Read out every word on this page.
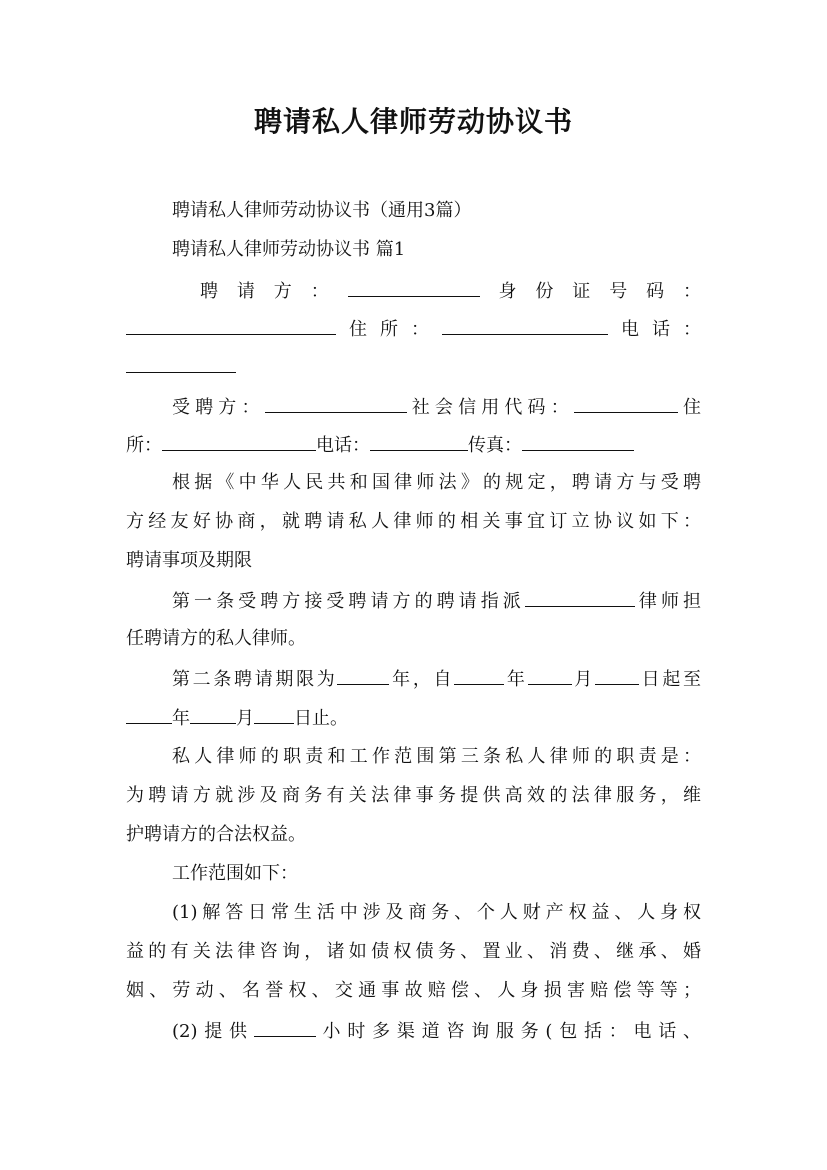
聘请私人律师劳动协议书
聘请私人律师劳动协议书（通用3篇）
聘请私人律师劳动协议书 篇1
聘请方：	身份证号码：
住所：	电话：
受聘方：	社会信用代码：	住
所：	电话：	传真：
根据《中华人民共和国律师法》的规定，聘请方与受聘
方经友好协商，就聘请私人律师的相关事宜订立协议如下：
聘请事项及期限
第一条受聘方接受聘请方的聘请指派	律师担
任聘请方的私人律师。
第二条聘请期限为	年，自	年 月 日起至
年	月 日止。
私人律师的职责和工作范围第三条私人律师的职责是：
为聘请方就涉及商务有关法律事务提供高效的法律服务，维
护聘请方的合法权益。
工作范围如下：
(1)解答日常生活中涉及商务、个人财产权益、人身权
益的有关法律咨询，诸如债权债务、置业、消费、继承、婚
姻、劳动、名誉权、交通事故赔偿、人身损害赔偿等等；
(2)提供	小时多渠道咨询服务(包括：电话、
